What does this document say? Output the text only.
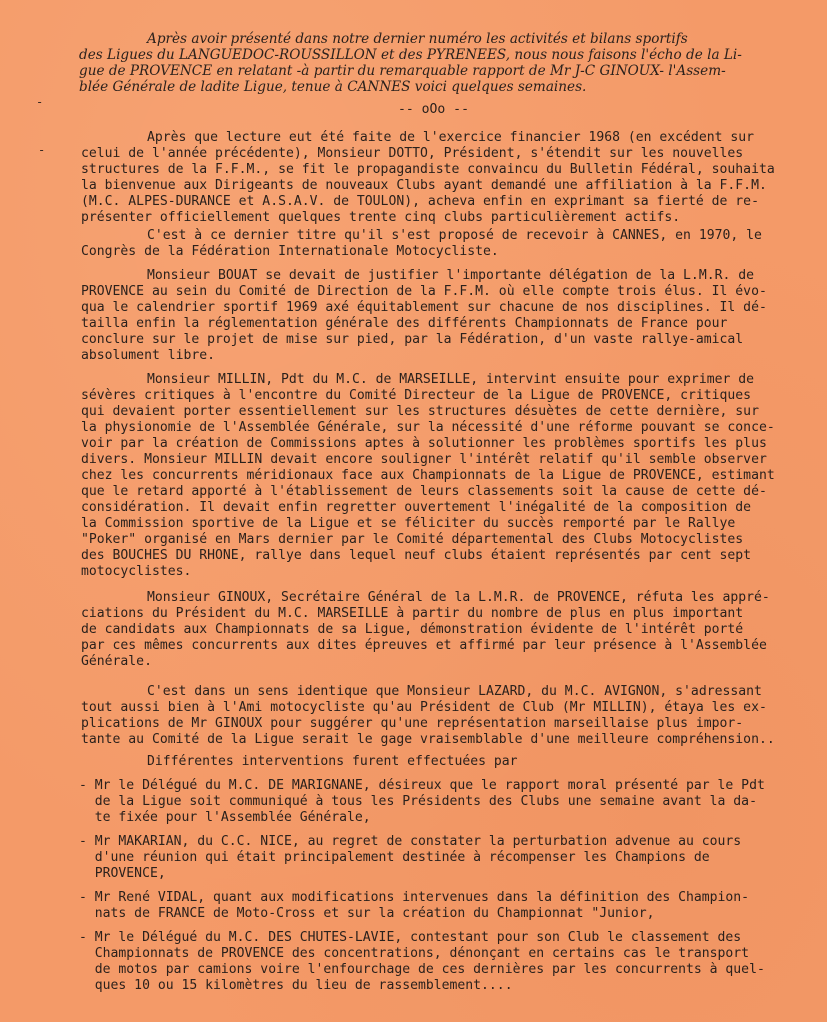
Après avoir présenté dans notre dernier numéro les activités et bilans sportifs
des Ligues du LANGUEDOC-ROUSSILLON et des PYRENEES, nous nous faisons l'écho de la Li-
gue de PROVENCE en relatant -à partir du remarquable rapport de Mr J-C GINOUX- l'Assem-
blée Générale de ladite Ligue, tenue à CANNES voici quelques semaines.
-- oOo --
-
-
Après que lecture eut été faite de l'exercice financier 1968 (en excédent sur
celui de l'année précédente), Monsieur DOTTO, Président, s'étendit sur les nouvelles
structures de la F.F.M., se fit le propagandiste convaincu du Bulletin Fédéral, souhaita
la bienvenue aux Dirigeants de nouveaux Clubs ayant demandé une affiliation à la F.F.M.
(M.C. ALPES-DURANCE et A.S.A.V. de TOULON), acheva enfin en exprimant sa fierté de re-
présenter officiellement quelques trente cinq clubs particulièrement actifs.
C'est à ce dernier titre qu'il s'est proposé de recevoir à CANNES, en 1970, le
Congrès de la Fédération Internationale Motocycliste.
Monsieur BOUAT se devait de justifier l'importante délégation de la L.M.R. de
PROVENCE au sein du Comité de Direction de la F.F.M. où elle compte trois élus. Il évo-
qua le calendrier sportif 1969 axé équitablement sur chacune de nos disciplines. Il dé-
tailla enfin la réglementation générale des différents Championnats de France pour
conclure sur le projet de mise sur pied, par la Fédération, d'un vaste rallye-amical
absolument libre.
Monsieur MILLIN, Pdt du M.C. de MARSEILLE, intervint ensuite pour exprimer de
sévères critiques à l'encontre du Comité Directeur de la Ligue de PROVENCE, critiques
qui devaient porter essentiellement sur les structures désuètes de cette dernière, sur
la physionomie de l'Assemblée Générale, sur la nécessité d'une réforme pouvant se conce-
voir par la création de Commissions aptes à solutionner les problèmes sportifs les plus
divers. Monsieur MILLIN devait encore souligner l'intérêt relatif qu'il semble observer
chez les concurrents méridionaux face aux Championnats de la Ligue de PROVENCE, estimant
que le retard apporté à l'établissement de leurs classements soit la cause de cette dé-
considération. Il devait enfin regretter ouvertement l'inégalité de la composition de
la Commission sportive de la Ligue et se féliciter du succès remporté par le Rallye
"Poker" organisé en Mars dernier par le Comité départemental des Clubs Motocyclistes
des BOUCHES DU RHONE, rallye dans lequel neuf clubs étaient représentés par cent sept
motocyclistes.
Monsieur GINOUX, Secrétaire Général de la L.M.R. de PROVENCE, réfuta les appré-
ciations du Président du M.C. MARSEILLE à partir du nombre de plus en plus important
de candidats aux Championnats de sa Ligue, démonstration évidente de l'intérêt porté
par ces mêmes concurrents aux dites épreuves et affirmé par leur présence à l'Assemblée
Générale.
C'est dans un sens identique que Monsieur LAZARD, du M.C. AVIGNON, s'adressant
tout aussi bien à l'Ami motocycliste qu'au Président de Club (Mr MILLIN), étaya les ex-
plications de Mr GINOUX pour suggérer qu'une représentation marseillaise plus impor-
tante au Comité de la Ligue serait le gage vraisemblable d'une meilleure compréhension..
Différentes interventions furent effectuées par
- Mr le Délégué du M.C. DE MARIGNANE, désireux que le rapport moral présenté par le Pdt
de la Ligue soit communiqué à tous les Présidents des Clubs une semaine avant la da-
te fixée pour l'Assemblée Générale,
- Mr MAKARIAN, du C.C. NICE, au regret de constater la perturbation advenue au cours
d'une réunion qui était principalement destinée à récompenser les Champions de
PROVENCE,
- Mr René VIDAL, quant aux modifications intervenues dans la définition des Champion-
nats de FRANCE de Moto-Cross et sur la création du Championnat "Junior,
- Mr le Délégué du M.C. DES CHUTES-LAVIE, contestant pour son Club le classement des
Championnats de PROVENCE des concentrations, dénonçant en certains cas le transport
de motos par camions voire l'enfourchage de ces dernières par les concurrents à quel-
ques 10 ou 15 kilomètres du lieu de rassemblement....
